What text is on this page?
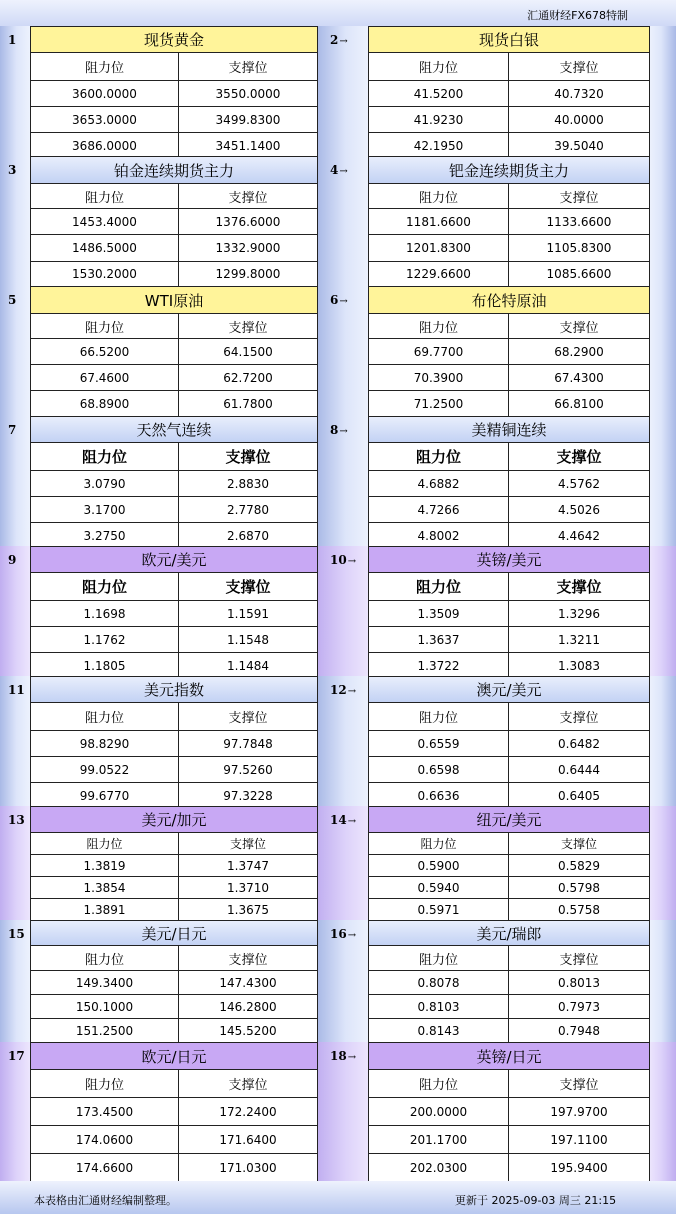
汇通财经FX678特制
1	现货黄金
阻力位	支撑位
3600.0000	3550.0000
3653.0000	3499.8300
3686.0000	3451.1400
2→	现货白银
阻力位	支撑位
41.5200	40.7320
41.9230	40.0000
42.1950	39.5040
3	铂金连续期货主力
阻力位	支撑位
1453.4000	1376.6000
1486.5000	1332.9000
1530.2000	1299.8000
4→	钯金连续期货主力
阻力位	支撑位
1181.6600	1133.6600
1201.8300	1105.8300
1229.6600	1085.6600
5	WTI原油
阻力位	支撑位
66.5200	64.1500
67.4600	62.7200
68.8900	61.7800
6→	布伦特原油
阻力位	支撑位
69.7700	68.2900
70.3900	67.4300
71.2500	66.8100
7	天然气连续
阻力位	支撑位
3.0790	2.8830
3.1700	2.7780
3.2750	2.6870
8→	美精铜连续
阻力位	支撑位
4.6882	4.5762
4.7266	4.5026
4.8002	4.4642
9	欧元/美元
阻力位	支撑位
1.1698	1.1591
1.1762	1.1548
1.1805	1.1484
10→	英镑/美元
阻力位	支撑位
1.3509	1.3296
1.3637	1.3211
1.3722	1.3083
11	美元指数
阻力位	支撑位
98.8290	97.7848
99.0522	97.5260
99.6770	97.3228
12→	澳元/美元
阻力位	支撑位
0.6559	0.6482
0.6598	0.6444
0.6636	0.6405
13	美元/加元
阻力位	支撑位
1.3819	1.3747
1.3854	1.3710
1.3891	1.3675
14→	纽元/美元
阻力位	支撑位
0.5900	0.5829
0.5940	0.5798
0.5971	0.5758
15	美元/日元
阻力位	支撑位
149.3400	147.4300
150.1000	146.2800
151.2500	145.5200
16→	美元/瑞郎
阻力位	支撑位
0.8078	0.8013
0.8103	0.7973
0.8143	0.7948
17	欧元/日元
阻力位	支撑位
173.4500	172.2400
174.0600	171.6400
174.6600	171.0300
18→	英镑/日元
阻力位	支撑位
200.0000	197.9700
201.1700	197.1100
202.0300	195.9400
本表格由汇通财经编制整理。	更新于 2025-09-03 周三 21:15
